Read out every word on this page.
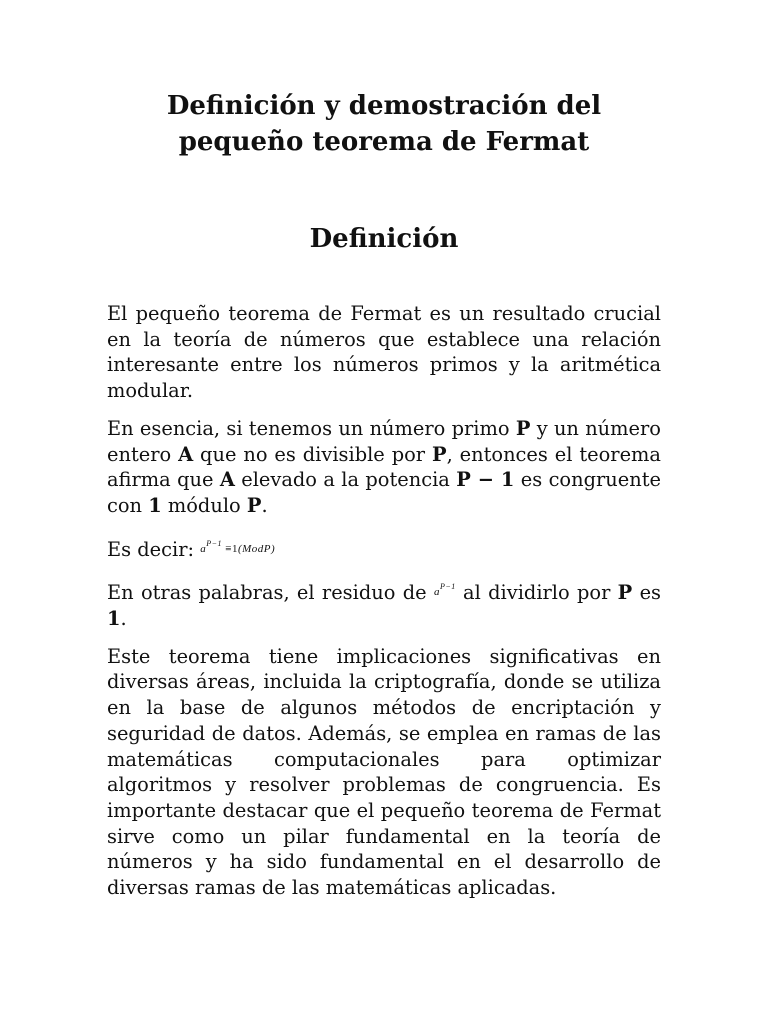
Definición y demostración del
pequeño teorema de Fermat
Definición

El pequeño teorema de Fermat es un resultado crucial en la teoría de números que establece una relación interesante entre los números primos y la aritmética modular.

En esencia, si tenemos un número primo P y un número entero A que no es divisible por P, entonces el teorema afirma que A elevado a la potencia P − 1 es congruente con 1 módulo P.

Es decir: $^{a^{P-1} \equiv 1(ModP)}$

En otras palabras, el residuo de $^{a^{P-1}}$ al dividirlo por P es 1.

Este teorema tiene implicaciones significativas en diversas áreas, incluida la criptografía, donde se utiliza en la base de algunos métodos de encriptación y seguridad de datos. Además, se emplea en ramas de las matemáticas computacionales para optimizar algoritmos y resolver problemas de congruencia. Es importante destacar que el pequeño teorema de Fermat sirve como un pilar fundamental en la teoría de números y ha sido fundamental en el desarrollo de diversas ramas de las matemáticas aplicadas.
